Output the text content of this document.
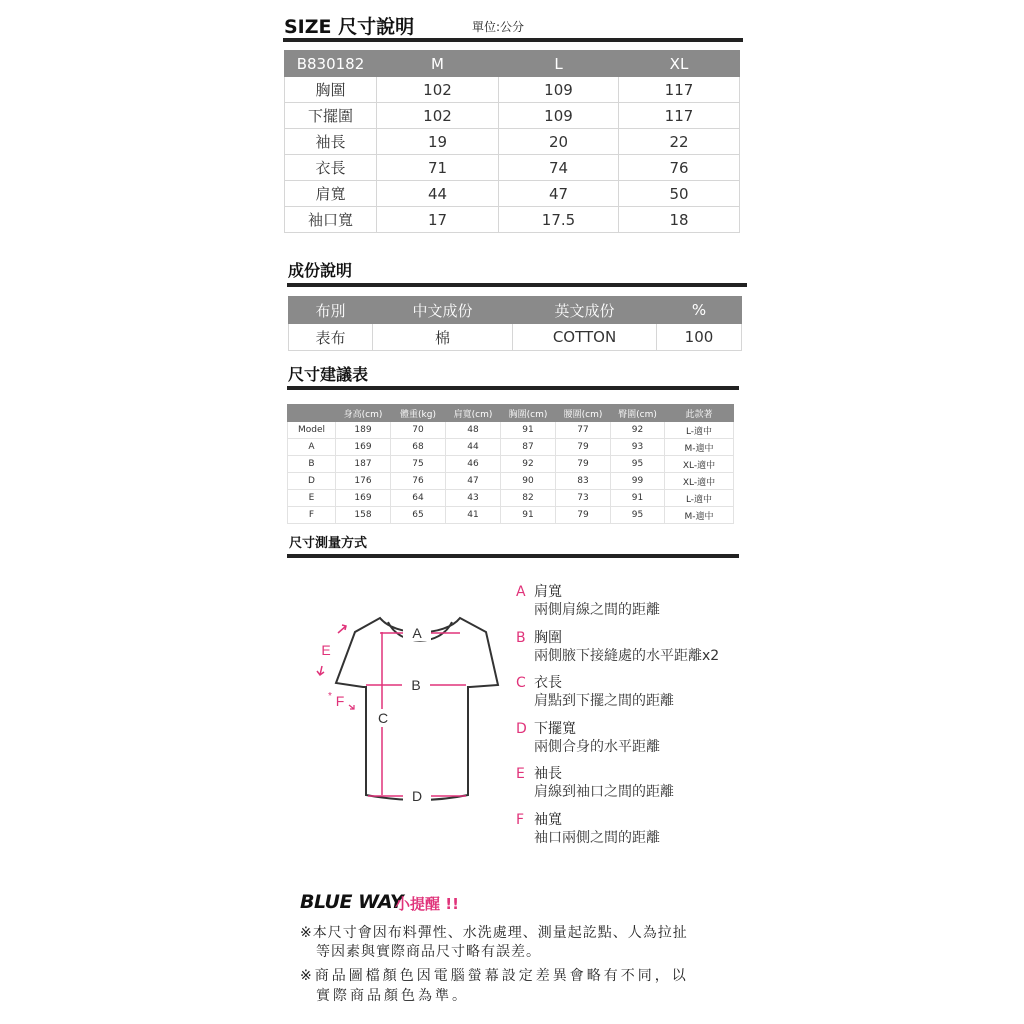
SIZE 尺寸說明	單位:公分
B830182	M	L	XL
胸圍	102	109	117
下擺圍	102	109	117
袖長	19	20	22
衣長	71	74	76
肩寬	44	47	50
袖口寬	17	17.5	18
成份說明
布別	中文成份	英文成份	%
表布	棉	COTTON	100
尺寸建議表
	身高(cm)	體重(kg)	肩寬(cm)	胸圍(cm)	腰圍(cm)	臀圍(cm)	此款著
Model	189	70	48	91	77	92	L-適中
A	169	68	44	87	79	93	M-適中
B	187	75	46	92	79	95	XL-適中
D	176	76	47	90	83	99	XL-適中
E	169	64	43	82	73	91	L-適中
F	158	65	41	91	79	95	M-適中
尺寸測量方式
A
B
C
D
E
F
*
A 肩寬
兩側肩線之間的距離
B 胸圍
兩側腋下接縫處的水平距離x2
C 衣長
肩點到下擺之間的距離
D 下擺寬
兩側合身的水平距離
E 袖長
肩線到袖口之間的距離
F 袖寬
袖口兩側之間的距離
BLUE WAY
小提醒 !!
※本尺寸會因布料彈性、水洗處理、測量起訖點、人為拉扯
等因素與實際商品尺寸略有誤差。
※商品圖檔顏色因電腦螢幕設定差異會略有不同，以
實際商品顏色為準。
